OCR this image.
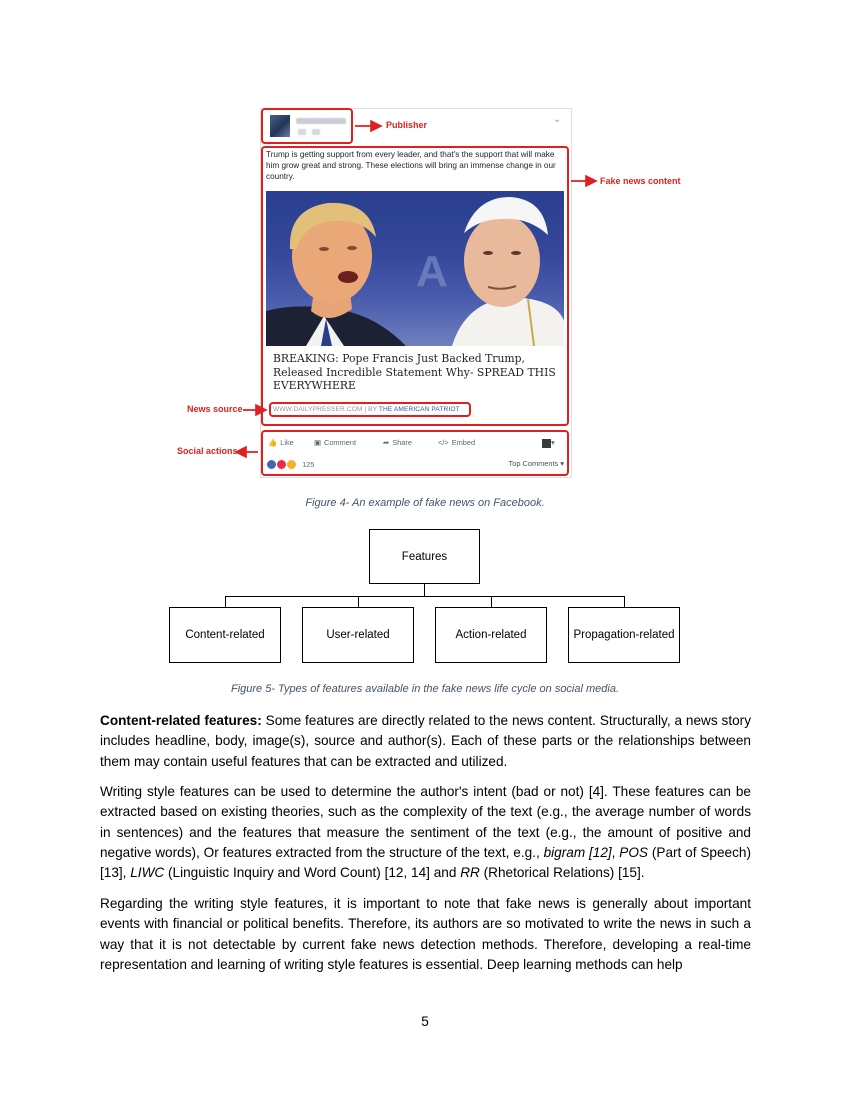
⌄
Trump is getting support from every leader, and that's the support that will make him grow great and strong. These elections will bring an immense change in our country.
A
BREAKING: Pope Francis Just Backed Trump, Released Incredible Statement Why- SPREAD THIS EVERYWHERE
WWW.DAILYPRESSER.COM | BY THE AMERICAN PATRIOT
👍 Like	▣ Comment	➦ Share	</> Embed	▾
125	Top Comments ▾
Publisher
Fake news content
News source
Social actions
Figure 4- An example of fake news on Facebook.
Features
Content-related	User-related	Action-related	Propagation-related
Figure 5- Types of features available in the fake news life cycle on social media.
Content-related features: Some features are directly related to the news content. Structurally, a news story includes headline, body, image(s), source and author(s). Each of these parts or the relationships between them may contain useful features that can be extracted and utilized.
Writing style features can be used to determine the author's intent (bad or not) [4]. These features can be extracted based on existing theories, such as the complexity of the text (e.g., the average number of words in sentences) and the features that measure the sentiment of the text (e.g., the amount of positive and negative words), Or features extracted from the structure of the text, e.g., bigram [12], POS (Part of Speech) [13], LIWC (Linguistic Inquiry and Word Count) [12, 14] and RR (Rhetorical Relations) [15].
Regarding the writing style features, it is important to note that fake news is generally about important events with financial or political benefits. Therefore, its authors are so motivated to write the news in such a way that it is not detectable by current fake news detection methods. Therefore, developing a real-time representation and learning of writing style features is essential. Deep learning methods can help
5
